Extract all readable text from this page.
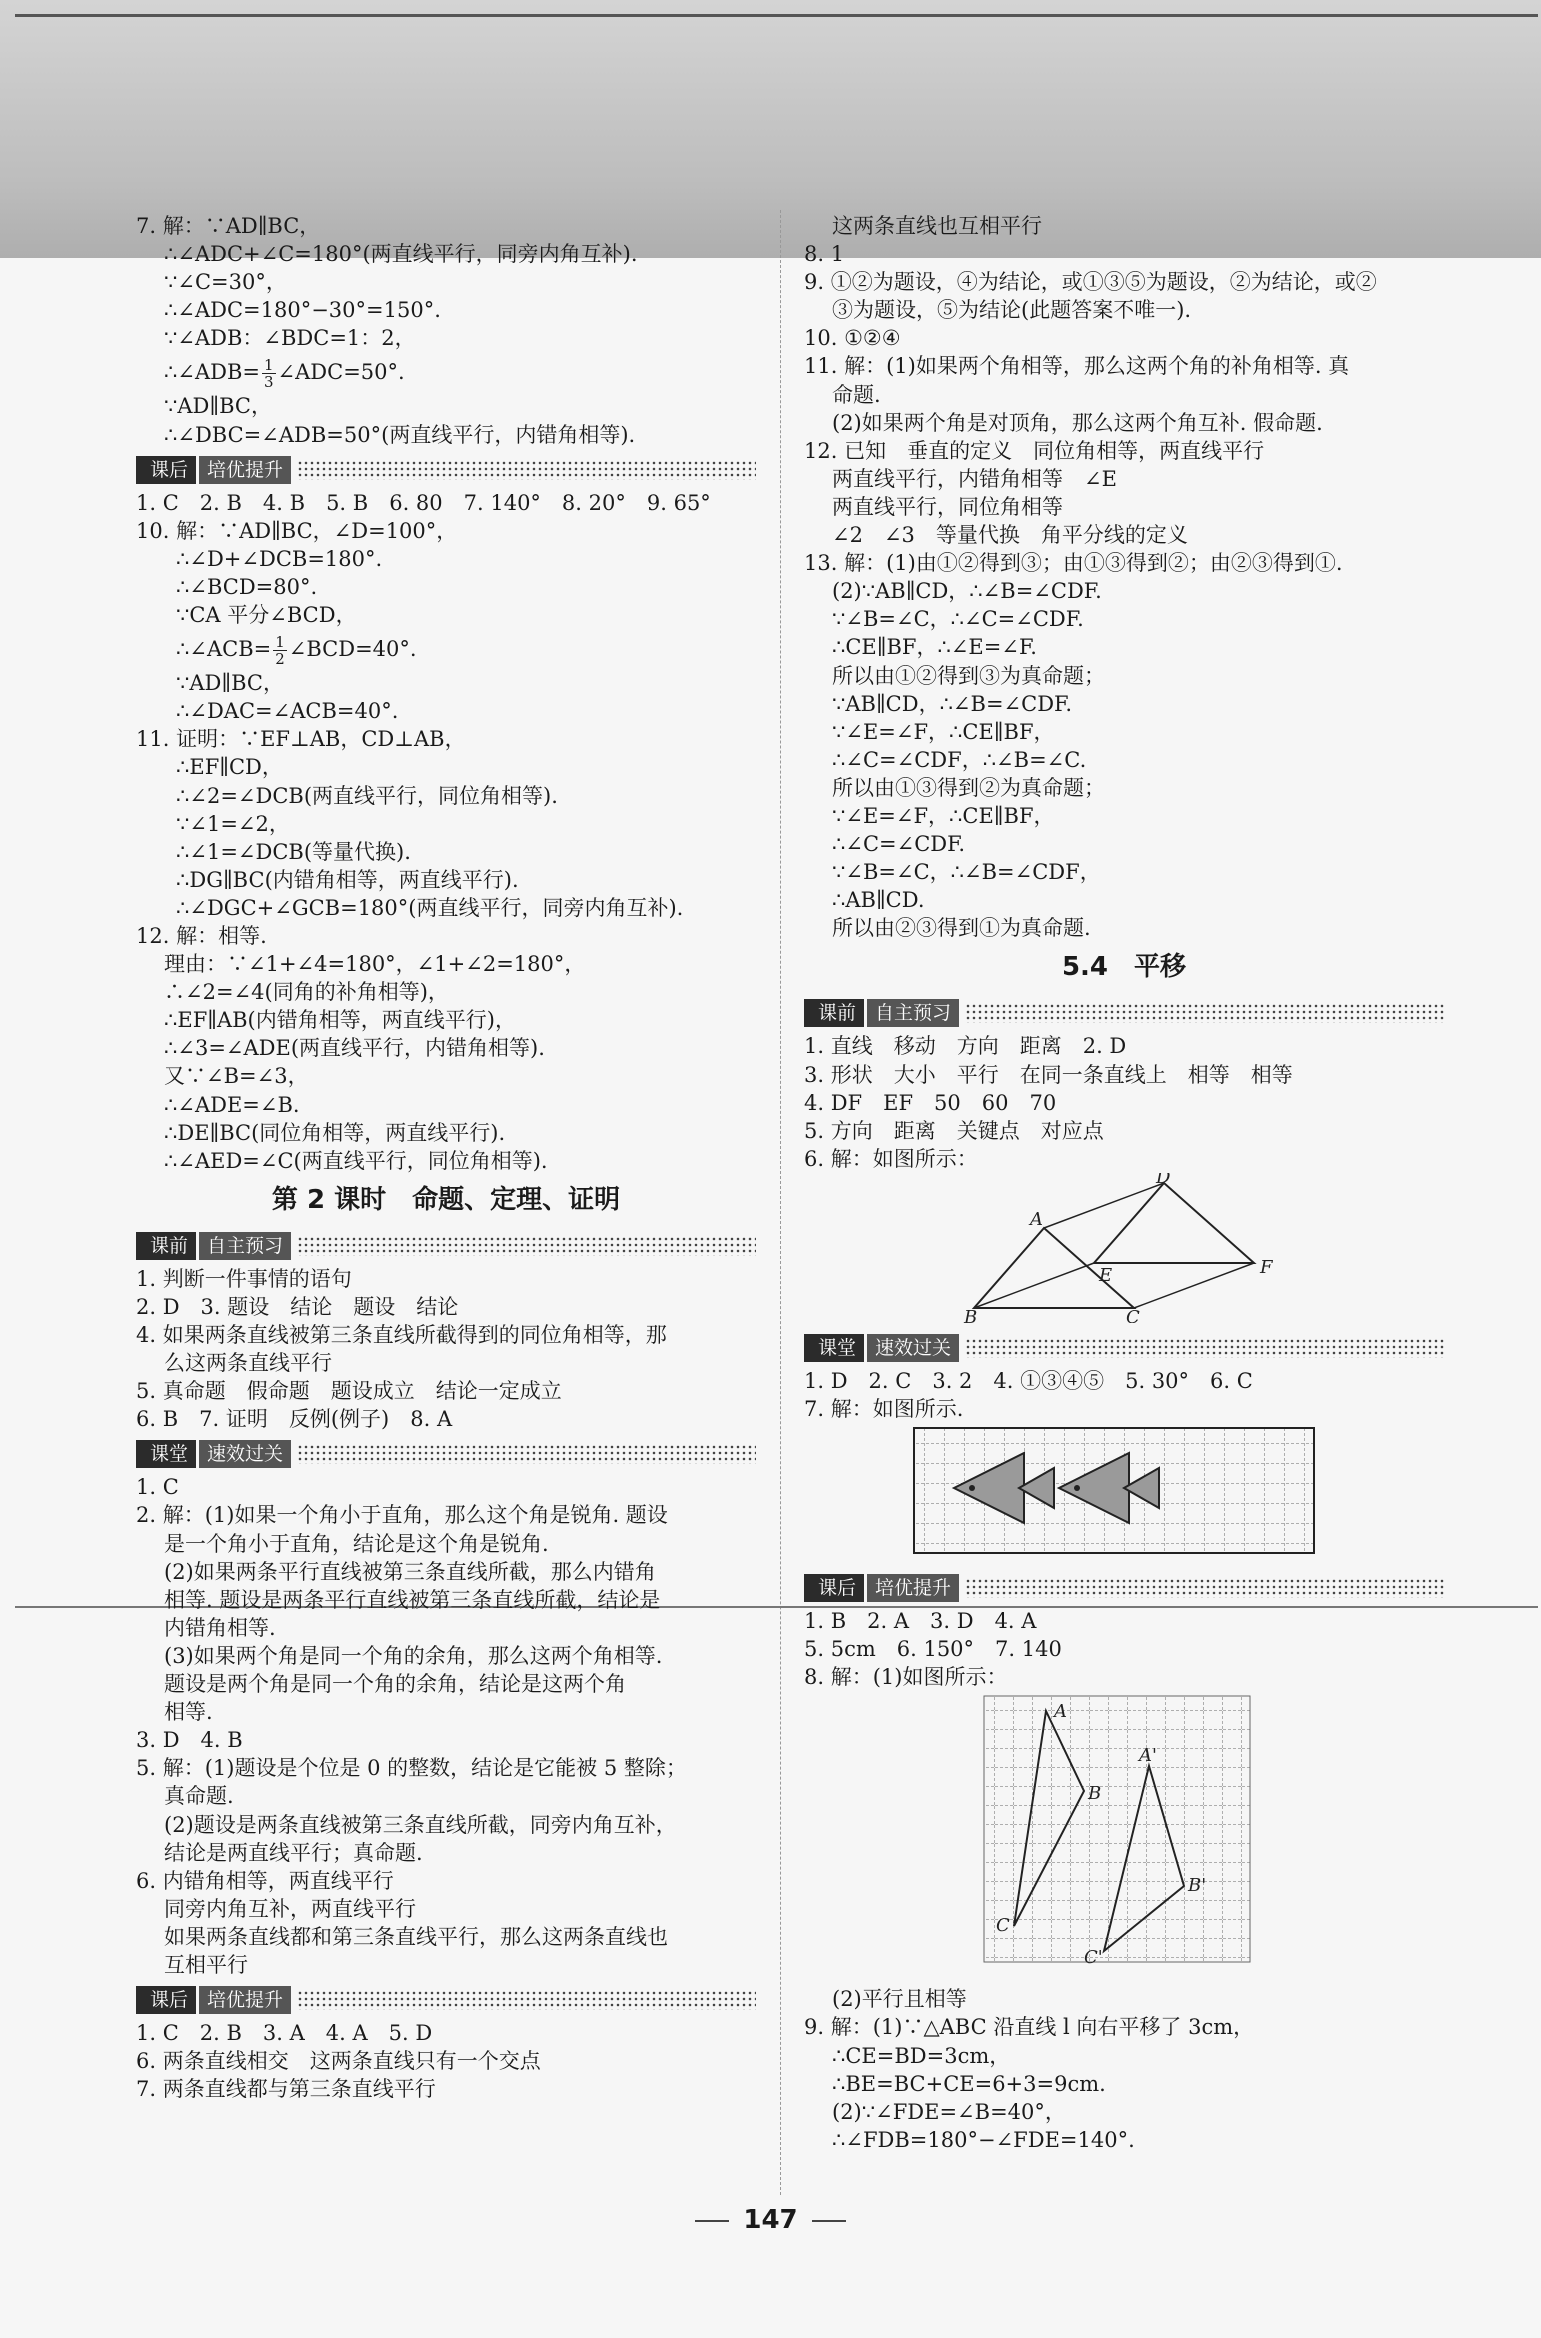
7. 解：∵AD∥BC，
∴∠ADC+∠C=180°(两直线平行，同旁内角互补).
∵∠C=30°，
∴∠ADC=180°−30°=150°.
∵∠ADB：∠BDC=1：2，
∴∠ADB= $\frac{1}{3}$ ∠ADC=50°.
∵AD∥BC，
∴∠DBC=∠ADB=50°(两直线平行，内错角相等).
课后	培优提升
1. C　2. B　4. B　5. B　6. 80　7. 140°　8. 20°　9. 65°
10. 解：∵AD∥BC，∠D=100°，
∴∠D+∠DCB=180°.
∴∠BCD=80°.
∵CA 平分∠BCD，
∴∠ACB= $\frac{1}{2}$ ∠BCD=40°.
∵AD∥BC，
∴∠DAC=∠ACB=40°.
11. 证明：∵EF⊥AB，CD⊥AB，
∴EF∥CD，
∴∠2=∠DCB(两直线平行，同位角相等).
∵∠1=∠2，
∴∠1=∠DCB(等量代换).
∴DG∥BC(内错角相等，两直线平行).
∴∠DGC+∠GCB=180°(两直线平行，同旁内角互补).
12. 解：相等.
理由：∵∠1+∠4=180°，∠1+∠2=180°，
∴∠2=∠4(同角的补角相等)，
∴EF∥AB(内错角相等，两直线平行)，
∴∠3=∠ADE(两直线平行，内错角相等).
又∵∠B=∠3，
∴∠ADE=∠B.
∴DE∥BC(同位角相等，两直线平行).
∴∠AED=∠C(两直线平行，同位角相等).
第 2 课时　命题、定理、证明
课前	自主预习
1. 判断一件事情的语句
2. D　3. 题设　结论　题设　结论
4. 如果两条直线被第三条直线所截得到的同位角相等，那
么这两条直线平行
5. 真命题　假命题　题设成立　结论一定成立
6. B　7. 证明　反例(例子)　8. A
课堂	速效过关
1. C
2. 解：(1)如果一个角小于直角，那么这个角是锐角. 题设
是一个角小于直角，结论是这个角是锐角.
(2)如果两条平行直线被第三条直线所截，那么内错角
相等. 题设是两条平行直线被第三条直线所截，结论是
内错角相等.
(3)如果两个角是同一个角的余角，那么这两个角相等.
题设是两个角是同一个角的余角，结论是这两个角
相等.
3. D　4. B
5. 解：(1)题设是个位是 0 的整数，结论是它能被 5 整除；
真命题.
(2)题设是两条直线被第三条直线所截，同旁内角互补，
结论是两直线平行；真命题.
6. 内错角相等，两直线平行
同旁内角互补，两直线平行
如果两条直线都和第三条直线平行，那么这两条直线也
互相平行
课后	培优提升
1. C　2. B　3. A　4. A　5. D
6. 两条直线相交　这两条直线只有一个交点
7. 两条直线都与第三条直线平行
这两条直线也互相平行
8. 1
9. ①②为题设，④为结论，或①③⑤为题设，②为结论，或②
③为题设，⑤为结论(此题答案不唯一).
10. ①②④
11. 解：(1)如果两个角相等，那么这两个角的补角相等. 真
命题.
(2)如果两个角是对顶角，那么这两个角互补. 假命题.
12. 已知　垂直的定义　同位角相等，两直线平行
两直线平行，内错角相等　∠E
两直线平行，同位角相等
∠2　∠3　等量代换　角平分线的定义
13. 解：(1)由①②得到③；由①③得到②；由②③得到①.
(2)∵AB∥CD，∴∠B=∠CDF.
∵∠B=∠C，∴∠C=∠CDF.
∴CE∥BF，∴∠E=∠F.
所以由①②得到③为真命题；
∵AB∥CD，∴∠B=∠CDF.
∵∠E=∠F，∴CE∥BF，
∴∠C=∠CDF，∴∠B=∠C.
所以由①③得到②为真命题；
∵∠E=∠F，∴CE∥BF，
∴∠C=∠CDF.
∵∠B=∠C，∴∠B=∠CDF，
∴AB∥CD.
所以由②③得到①为真命题.
5.4　平移
课前	自主预习
1. 直线　移动　方向　距离　2. D
3. 形状　大小　平行　在同一条直线上　相等　相等
4. DF　EF　50　60　70
5. 方向　距离　关键点　对应点
6. 解：如图所示：
A
B	C
D
E	F
课堂	速效过关
1. D　2. C　3. 2　4. ①③④⑤　5. 30°　6. C
7. 解：如图所示.
课后	培优提升
1. B　2. A　3. D　4. A
5. 5cm　6. 150°　7. 140
8. 解：(1)如图所示：
A
B
C
A'
B'
C'
(2)平行且相等
9. 解：(1)∵△ABC 沿直线 l 向右平移了 3cm，
∴CE=BD=3cm，
∴BE=BC+CE=6+3=9cm.
(2)∵∠FDE=∠B=40°，
∴∠FDB=180°−∠FDE=140°.
147
